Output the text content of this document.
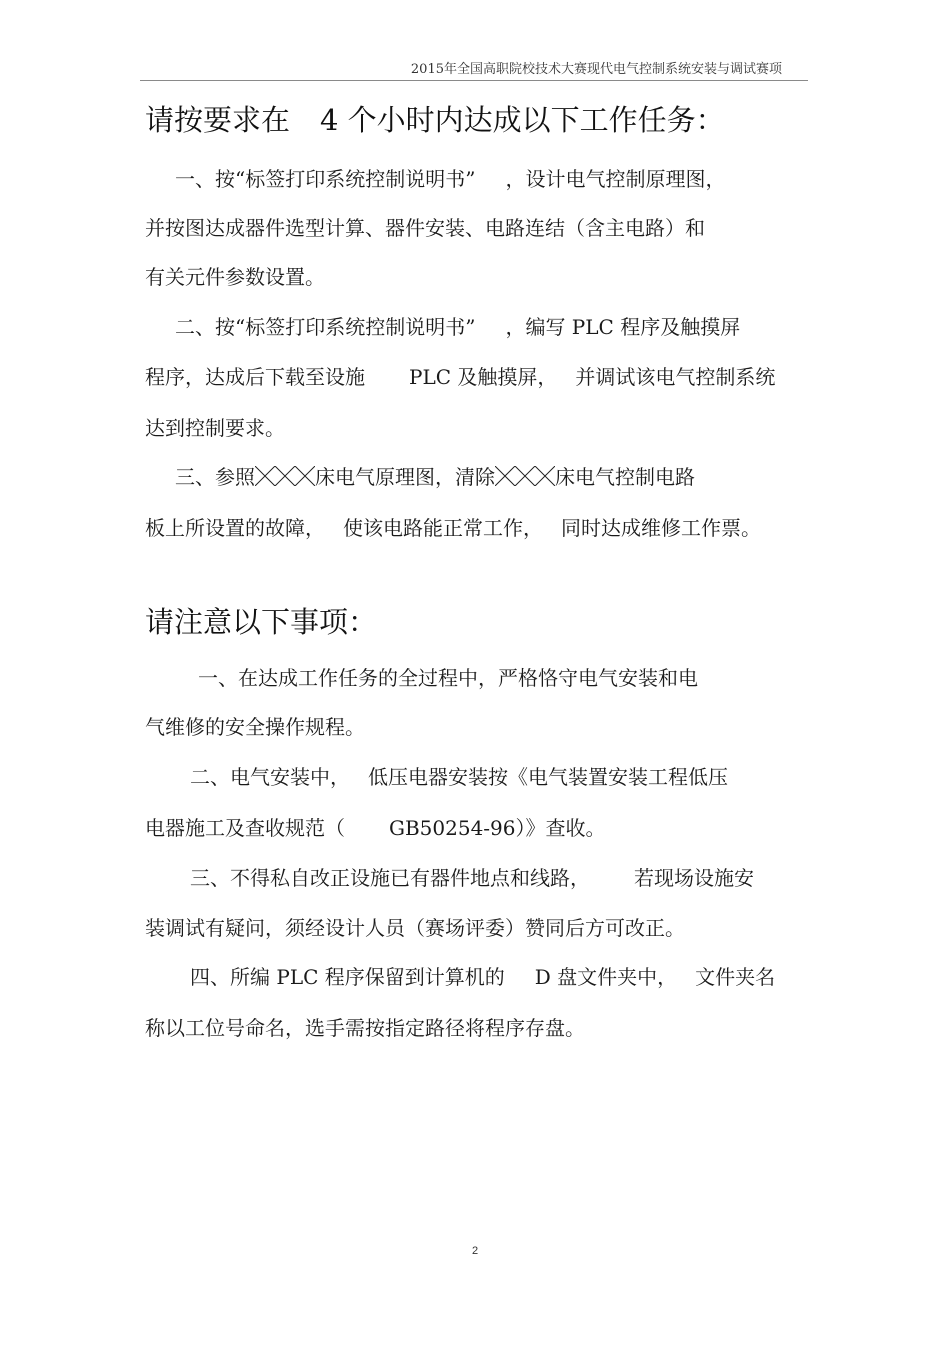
2015年全国高职院校技术大赛现代电气控制系统安装与调试赛项
请按要求在 4 个小时内达成以下工作任务：
一、按“标签打印系统控制说明书” ，设计电气控制原理图，
并按图达成器件选型计算、器件安装、电路连结（含主电路）和
有关元件参数设置。
二、按“标签打印系统控制说明书” ，编写 PLC 程序及触摸屏
程序，达成后下载至设施 PLC 及触摸屏， 并调试该电气控制系统
达到控制要求。
三、参照	床电气原理图，清除	床电气控制电路
板上所设置的故障， 使该电路能正常工作， 同时达成维修工作票。
请注意以下事项：
一、在达成工作任务的全过程中，严格恪守电气安装和电
气维修的安全操作规程。
二、电气安装中， 低压电器安装按《电气装置安装工程低压
电器施工及查收规范（ GB50254-96）》查收。
三、不得私自改正设施已有器件地点和线路， 若现场设施安
装调试有疑问，须经设计人员（赛场评委）赞同后方可改正。
四、所编 PLC 程序保留到计算机的 D 盘文件夹中， 文件夹名
称以工位号命名，选手需按指定路径将程序存盘。
2
